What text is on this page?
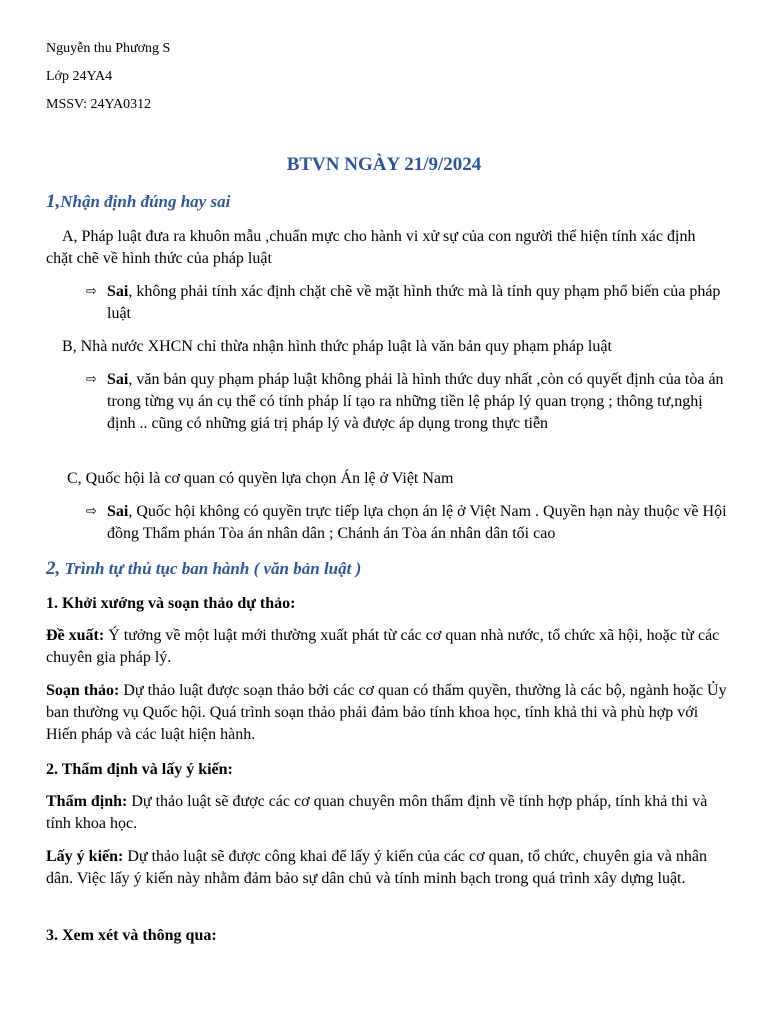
Nguyễn thu Phương S
Lớp 24YA4
MSSV: 24YA0312
BTVN NGÀY 21/9/2024
1,Nhận định đúng hay sai
A, Pháp luật đưa ra khuôn mẫu ,chuẩn mực cho hành vi xử sự của con người thể hiện tính xác định chặt chẽ về hình thức của pháp luật
⇨ Sai, không phải tính xác định chặt chẽ về mặt hình thức mà là tính quy phạm phổ biến của pháp luật
B, Nhà nước XHCN chỉ thừa nhận hình thức pháp luật là văn bản quy phạm pháp luật
⇨ Sai, văn bản quy phạm pháp luật không phải là hình thức duy nhất ,còn có quyết định của tòa án trong từng vụ án cụ thể có tính pháp lí tạo ra những tiền lệ pháp lý quan trọng ; thông tư,nghị định .. cũng có những giá trị pháp lý và được áp dụng trong thực tiễn
C, Quốc hội là cơ quan có quyền lựa chọn Án lệ ở Việt Nam
⇨ Sai, Quốc hội không có quyền trực tiếp lựa chọn án lệ ở Việt Nam . Quyền hạn này thuộc về Hội đồng Thẩm phán Tòa án nhân dân ; Chánh án Tòa án nhân dân tối cao
2, Trình tự thủ tục ban hành ( văn bản luật )
1. Khởi xướng và soạn thảo dự thảo:
Đề xuất: Ý tưởng về một luật mới thường xuất phát từ các cơ quan nhà nước, tổ chức xã hội, hoặc từ các chuyên gia pháp lý.
Soạn thảo: Dự thảo luật được soạn thảo bởi các cơ quan có thẩm quyền, thường là các bộ, ngành hoặc Ủy ban thường vụ Quốc hội. Quá trình soạn thảo phải đảm bảo tính khoa học, tính khả thi và phù hợp với Hiến pháp và các luật hiện hành.
2. Thẩm định và lấy ý kiến:
Thẩm định: Dự thảo luật sẽ được các cơ quan chuyên môn thẩm định về tính hợp pháp, tính khả thi và tính khoa học.
Lấy ý kiến: Dự thảo luật sẽ được công khai để lấy ý kiến của các cơ quan, tổ chức, chuyên gia và nhân dân. Việc lấy ý kiến này nhằm đảm bảo sự dân chủ và tính minh bạch trong quá trình xây dựng luật.
3. Xem xét và thông qua:
